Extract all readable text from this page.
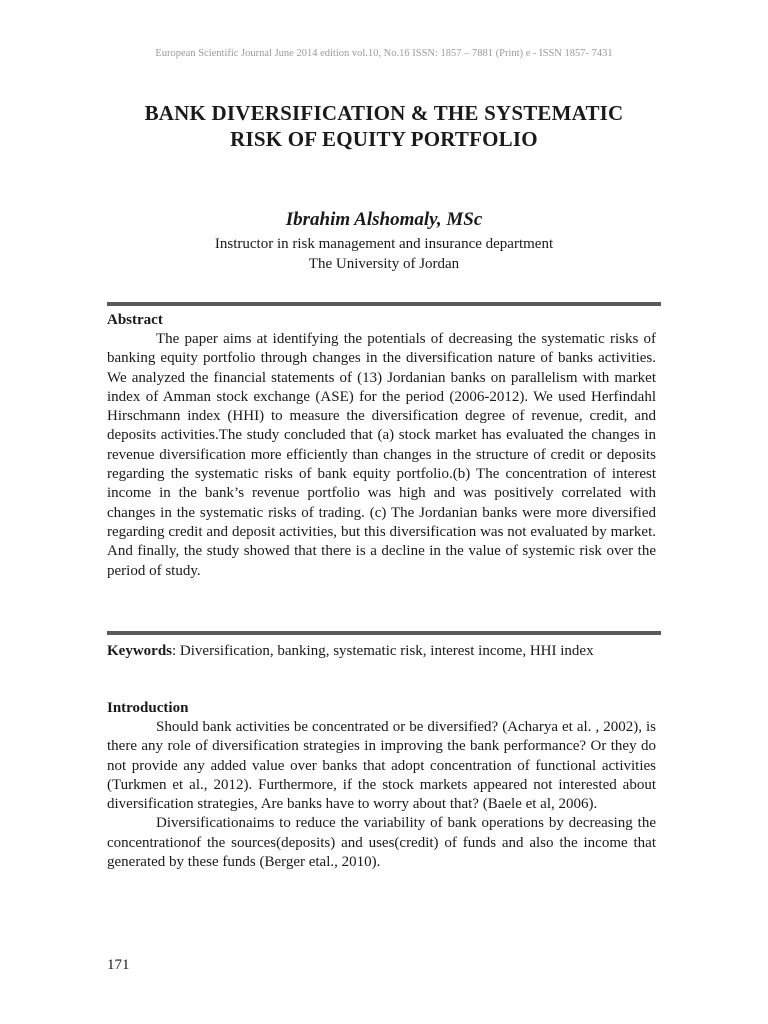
European Scientific Journal June 2014 edition vol.10, No.16 ISSN: 1857 – 7881 (Print) e - ISSN 1857- 7431
BANK DIVERSIFICATION & THE SYSTEMATIC
RISK OF EQUITY PORTFOLIO
Ibrahim Alshomaly, MSc
Instructor in risk management and insurance department
The University of Jordan
Abstract

The paper aims at identifying the potentials of decreasing the systematic risks of banking equity portfolio through changes in the diversification nature of banks activities. We analyzed the financial statements of (13) Jordanian banks on parallelism with market index of Amman stock exchange (ASE) for the period (2006-2012). We used Herfindahl Hirschmann index (HHI) to measure the diversification degree of revenue, credit, and deposits activities.The study concluded that (a) stock market has evaluated the changes in revenue diversification more efficiently than changes in the structure of credit or deposits regarding the systematic risks of bank equity portfolio.(b) The concentration of interest income in the bank’s revenue portfolio was high and was positively correlated with changes in the systematic risks of trading. (c) The Jordanian banks were more diversified regarding credit and deposit activities, but this diversification was not evaluated by market. And finally, the study showed that there is a decline in the value of systemic risk over the period of study.

Keywords: Diversification, banking, systematic risk, interest income, HHI index
Introduction

Should bank activities be concentrated or be diversified? (Acharya et al. , 2002), is there any role of diversification strategies in improving the bank performance? Or they do not provide any added value over banks that adopt concentration of functional activities (Turkmen et al., 2012). Furthermore, if the stock markets appeared not interested about diversification strategies, Are banks have to worry about that? (Baele et al, 2006).

Diversificationaims to reduce the variability of bank operations by decreasing the concentrationof the sources(deposits) and uses(credit) of funds and also the income that generated by these funds (Berger etal., 2010).

171
